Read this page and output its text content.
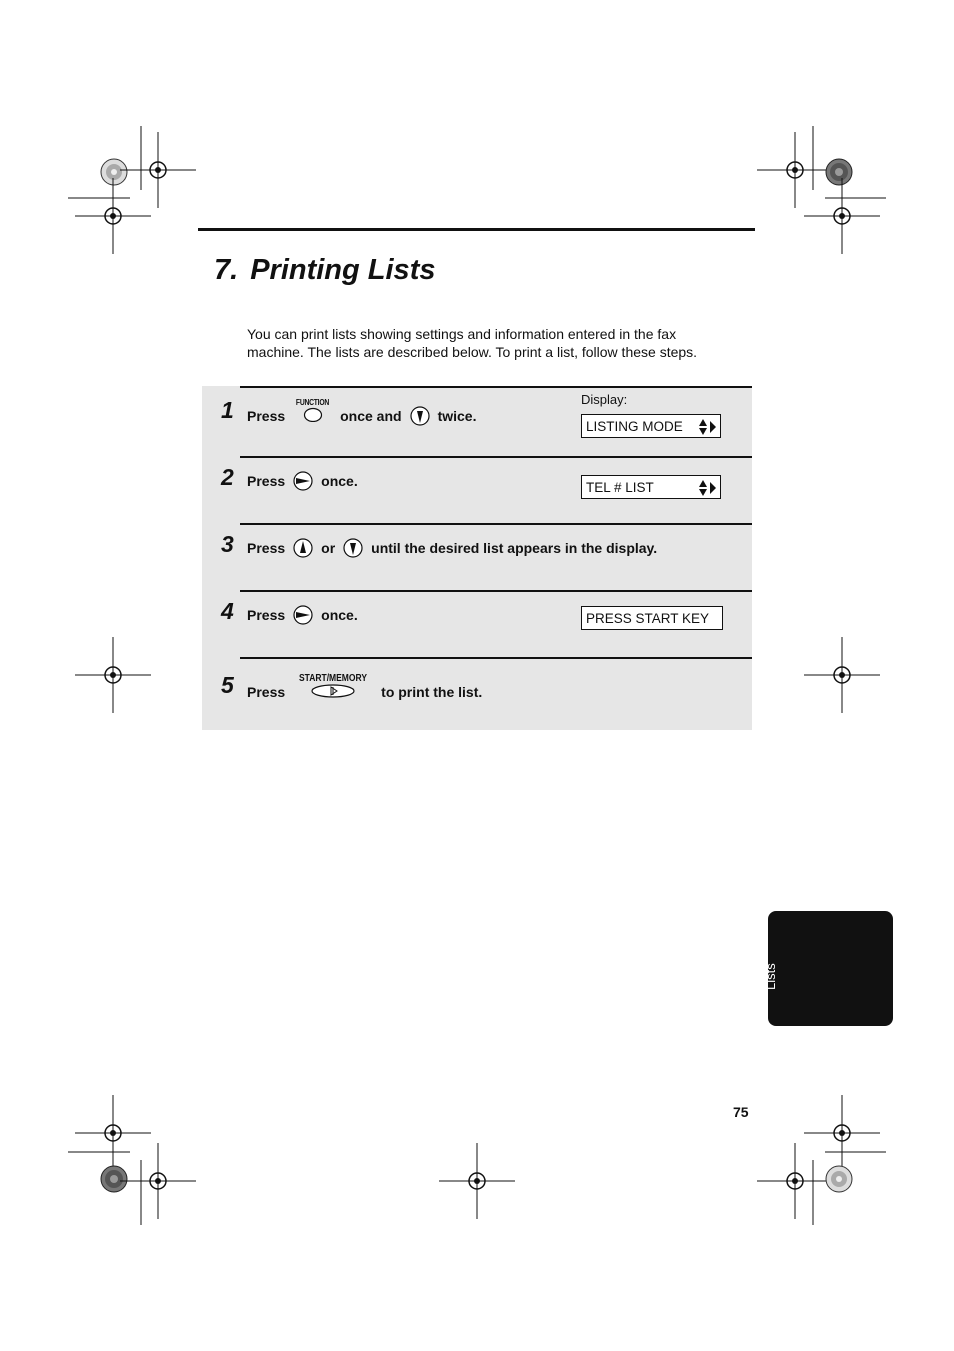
7. Printing Lists

You can print lists showing settings and information entered in the fax machine. The lists are described below. To print a list, follow these steps.

Display:
1 Press
FUNCTION
once and	twice.
LISTING MODE
2 Press	once.	TEL # LIST
3 Press	or	until the desired list appears in the display.
4 Press	once.	PRESS START KEY
5 Press
START/MEMORY
to print the list.
7. Printing Lists
75
